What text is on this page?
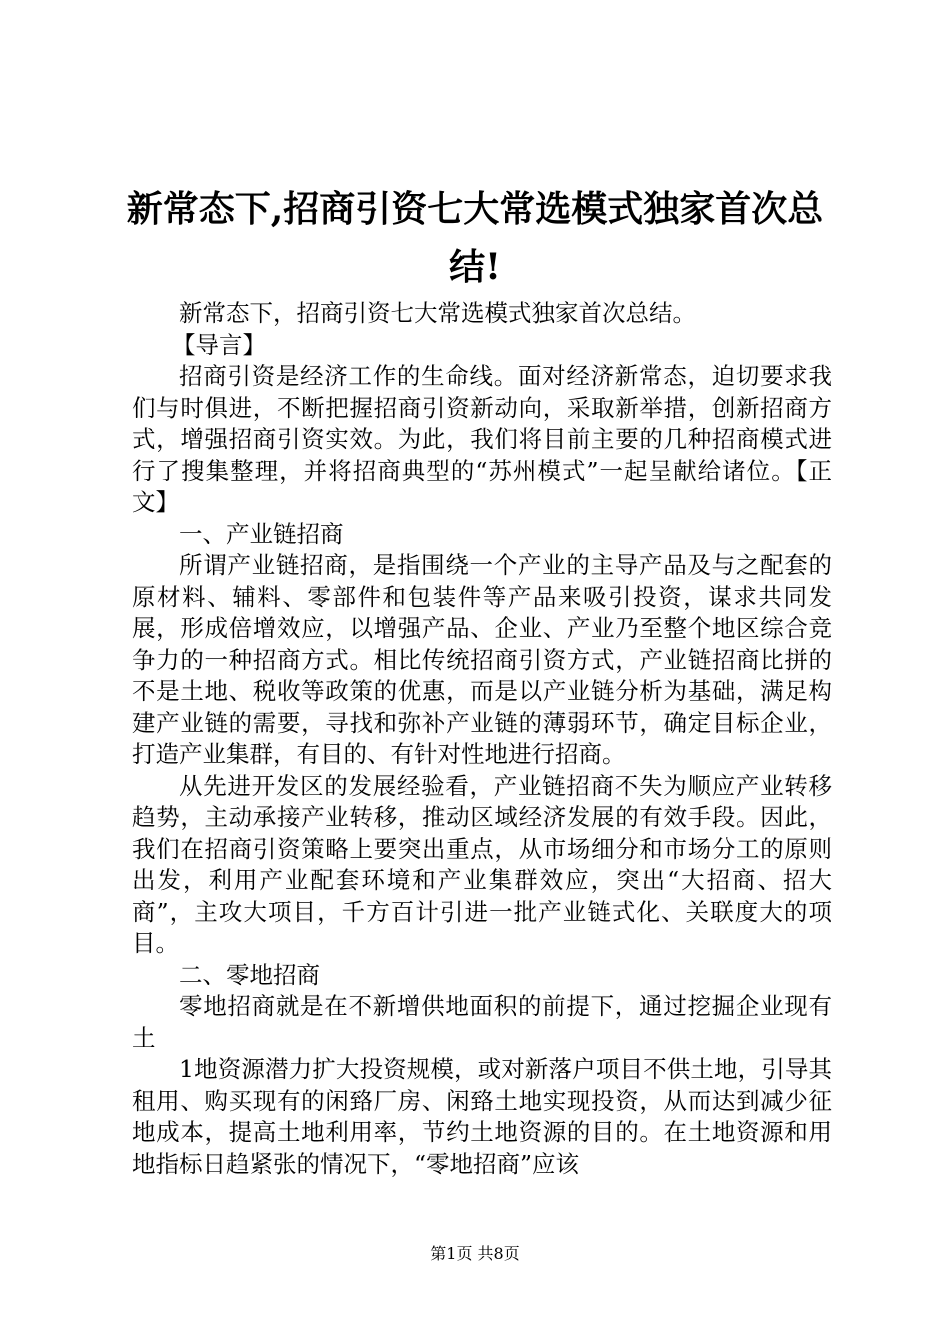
新常态下,招商引资七大常选模式独家首次总结!

新常态下，招商引资七大常选模式独家首次总结。

【导言】

招商引资是经济工作的生命线。面对经济新常态，迫切要求我们与时俱进，不断把握招商引资新动向，采取新举措，创新招商方式，增强招商引资实效。为此，我们将目前主要的几种招商模式进行了搜集整理，并将招商典型的“苏州模式”一起呈献给诸位。【正文】

一、产业链招商

所谓产业链招商，是指围绕一个产业的主导产品及与之配套的原材料、辅料、零部件和包装件等产品来吸引投资，谋求共同发展，形成倍增效应，以增强产品、企业、产业乃至整个地区综合竞争力的一种招商方式。相比传统招商引资方式，产业链招商比拼的不是土地、税收等政策的优惠，而是以产业链分析为基础，满足构建产业链的需要，寻找和弥补产业链的薄弱环节，确定目标企业，打造产业集群，有目的、有针对性地进行招商。

从先进开发区的发展经验看，产业链招商不失为顺应产业转移趋势，主动承接产业转移，推动区域经济发展的有效手段。因此，我们在招商引资策略上要突出重点，从市场细分和市场分工的原则出发，利用产业配套环境和产业集群效应，突出“大招商、招大商”，主攻大项目，千方百计引进一批产业链式化、关联度大的项目。

二、零地招商

零地招商就是在不新增供地面积的前提下，通过挖掘企业现有土

1地资源潜力扩大投资规模，或对新落户项目不供土地，引导其租用、购买现有的闲臵厂房、闲臵土地实现投资，从而达到减少征地成本，提高土地利用率，节约土地资源的目的。在土地资源和用地指标日趋紧张的情况下，“零地招商”应该

第1页 共8页
